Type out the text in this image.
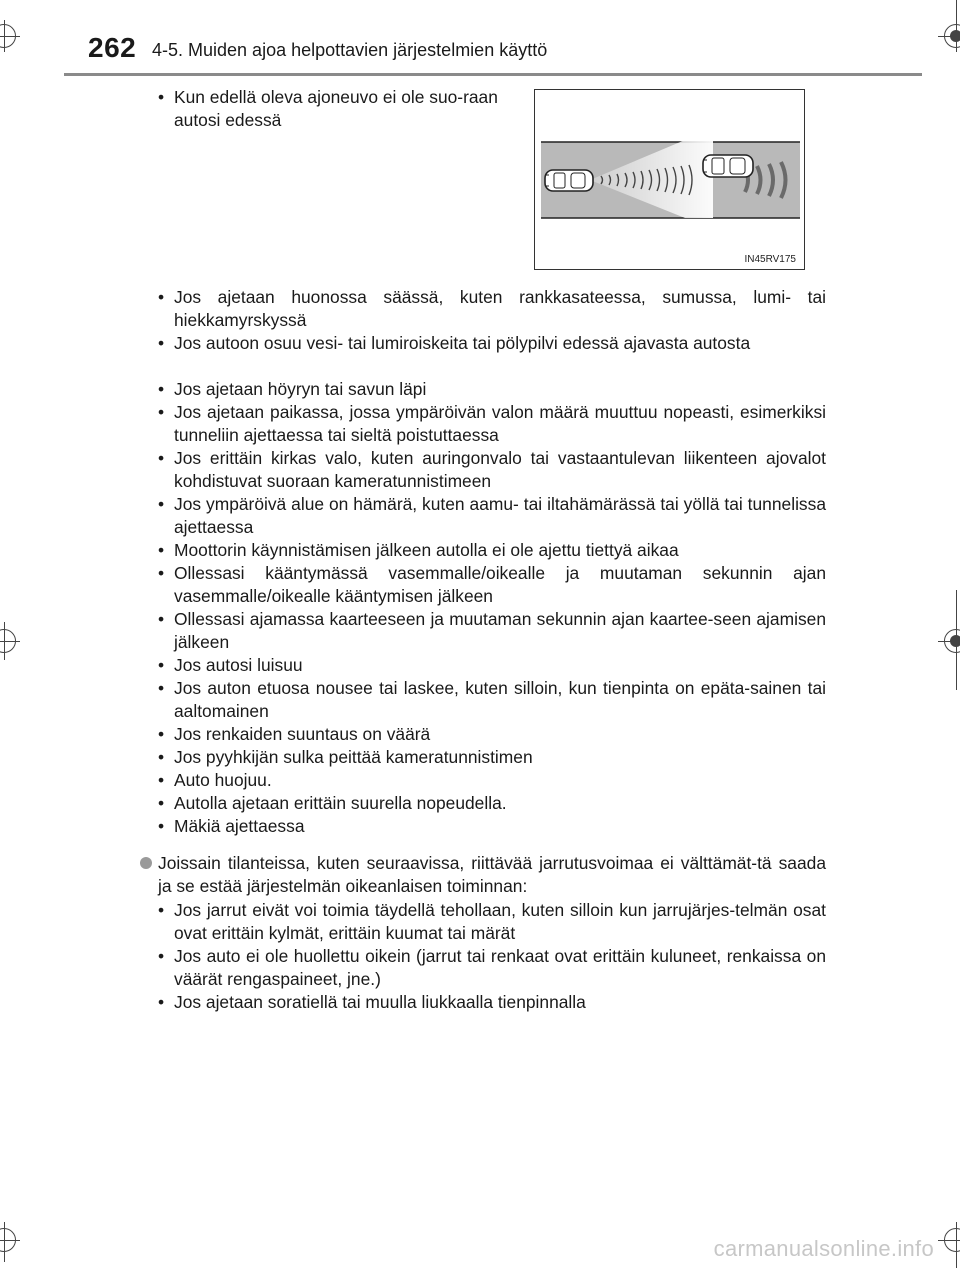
262 4-5. Muiden ajoa helpottavien järjestelmien käyttö
• Kun edellä oleva ajoneuvo ei ole suo-raan autosi edessä
IN45RV175
• Jos ajetaan huonossa säässä, kuten rankkasateessa, sumussa, lumi- tai hiekkamyrskyssä
• Jos autoon osuu vesi- tai lumiroiskeita tai pölypilvi edessä ajavasta autosta
• Jos ajetaan höyryn tai savun läpi
• Jos ajetaan paikassa, jossa ympäröivän valon määrä muuttuu nopeasti, esimerkiksi tunneliin ajettaessa tai sieltä poistuttaessa
• Jos erittäin kirkas valo, kuten auringonvalo tai vastaantulevan liikenteen ajovalot kohdistuvat suoraan kameratunnistimeen
• Jos ympäröivä alue on hämärä, kuten aamu- tai iltahämärässä tai yöllä tai tunnelissa ajettaessa
• Moottorin käynnistämisen jälkeen autolla ei ole ajettu tiettyä aikaa
• Ollessasi kääntymässä vasemmalle/oikealle ja muutaman sekunnin ajan vasemmalle/oikealle kääntymisen jälkeen
• Ollessasi ajamassa kaarteeseen ja muutaman sekunnin ajan kaartee-seen ajamisen jälkeen
• Jos autosi luisuu
• Jos auton etuosa nousee tai laskee, kuten silloin, kun tienpinta on epäta-sainen tai aaltomainen
• Jos renkaiden suuntaus on väärä
• Jos pyyhkijän sulka peittää kameratunnistimen
• Auto huojuu.
• Autolla ajetaan erittäin suurella nopeudella.
• Mäkiä ajettaessa
Joissain tilanteissa, kuten seuraavissa, riittävää jarrutusvoimaa ei välttämät-tä saada ja se estää järjestelmän oikeanlaisen toiminnan:
• Jos jarrut eivät voi toimia täydellä tehollaan, kuten silloin kun jarrujärjes-telmän osat ovat erittäin kylmät, erittäin kuumat tai märät
• Jos auto ei ole huollettu oikein (jarrut tai renkaat ovat erittäin kuluneet, renkaissa on väärät rengaspaineet, jne.)
• Jos ajetaan soratiellä tai muulla liukkaalla tienpinnalla
carmanualsonline.info
